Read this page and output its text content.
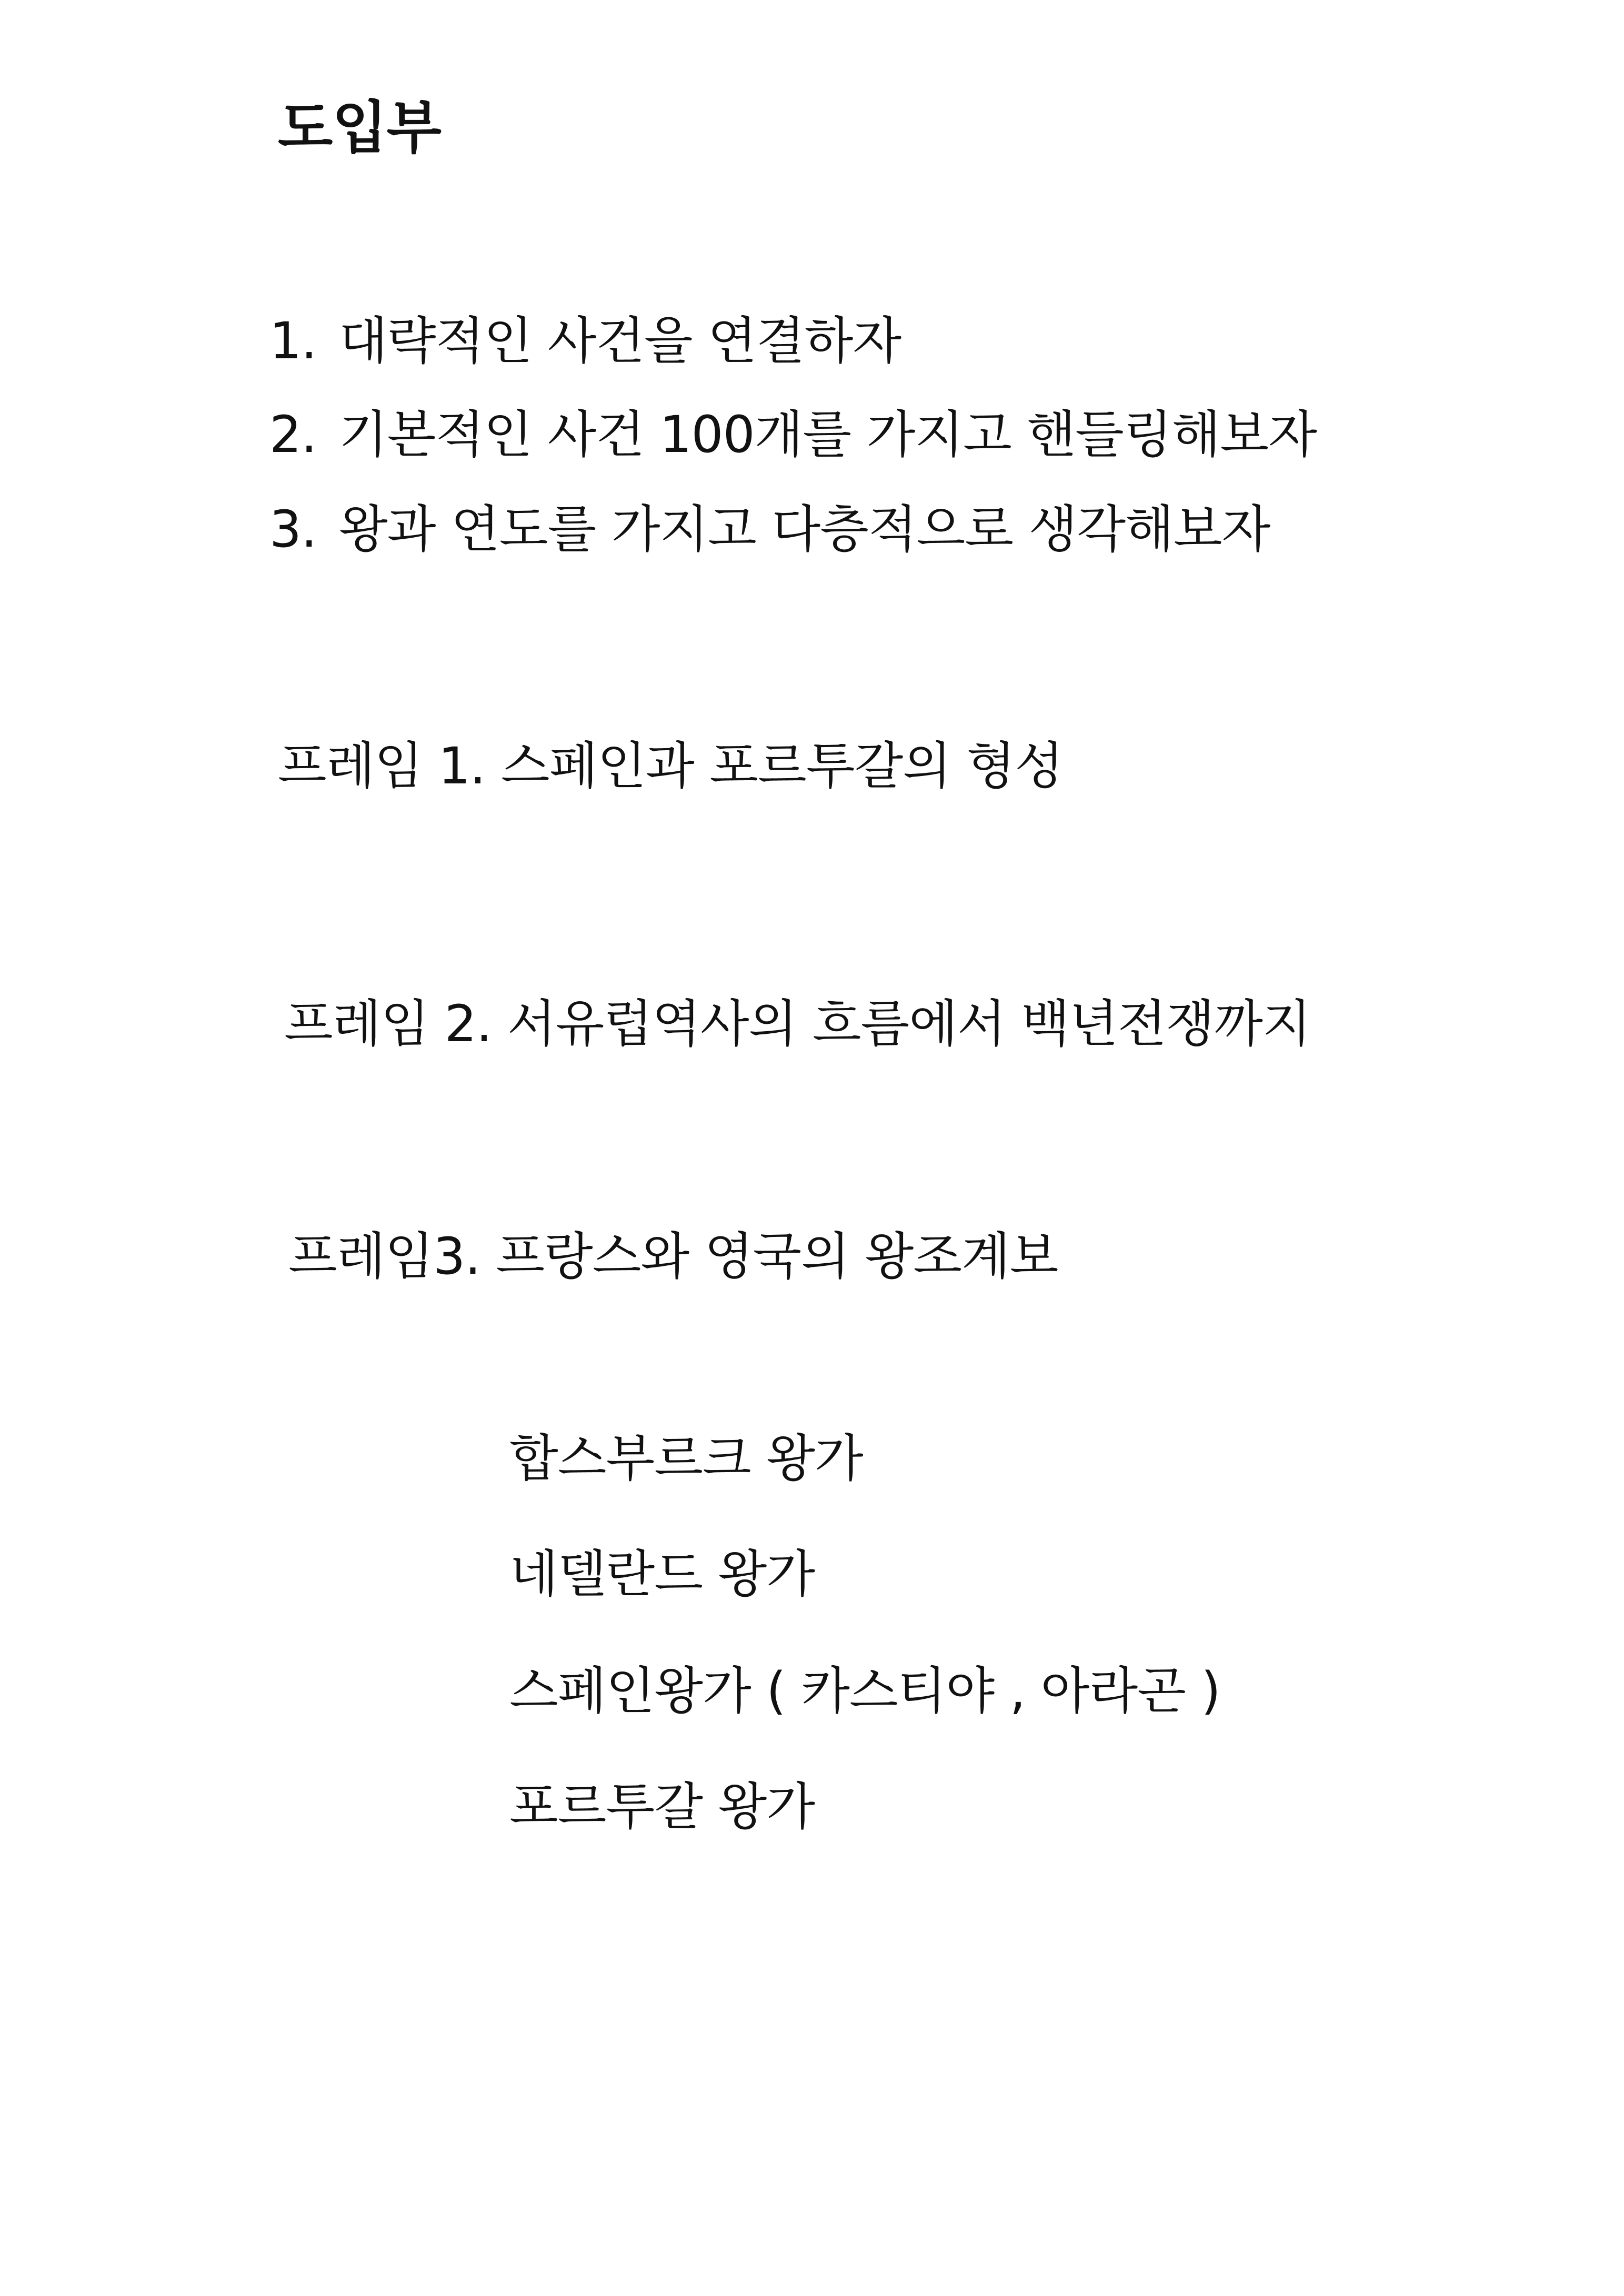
도입부
1. 대략적인 사건을 연결하자
2. 기본적인 사건 100개를 가지고 핸들링해보자
3. 왕과 연도를 가지고 다층적으로 생각해보자
프레임 1. 스페인과 포르투갈의 형성
프레임 2. 서유럽역사의 흐름에서 백년전쟁까지
프레임3. 프랑스와 영국의 왕조계보
합스부르크 왕가
네델란드 왕가
스페인왕가 ( 카스티야 , 아라곤 )
포르투갈 왕가
